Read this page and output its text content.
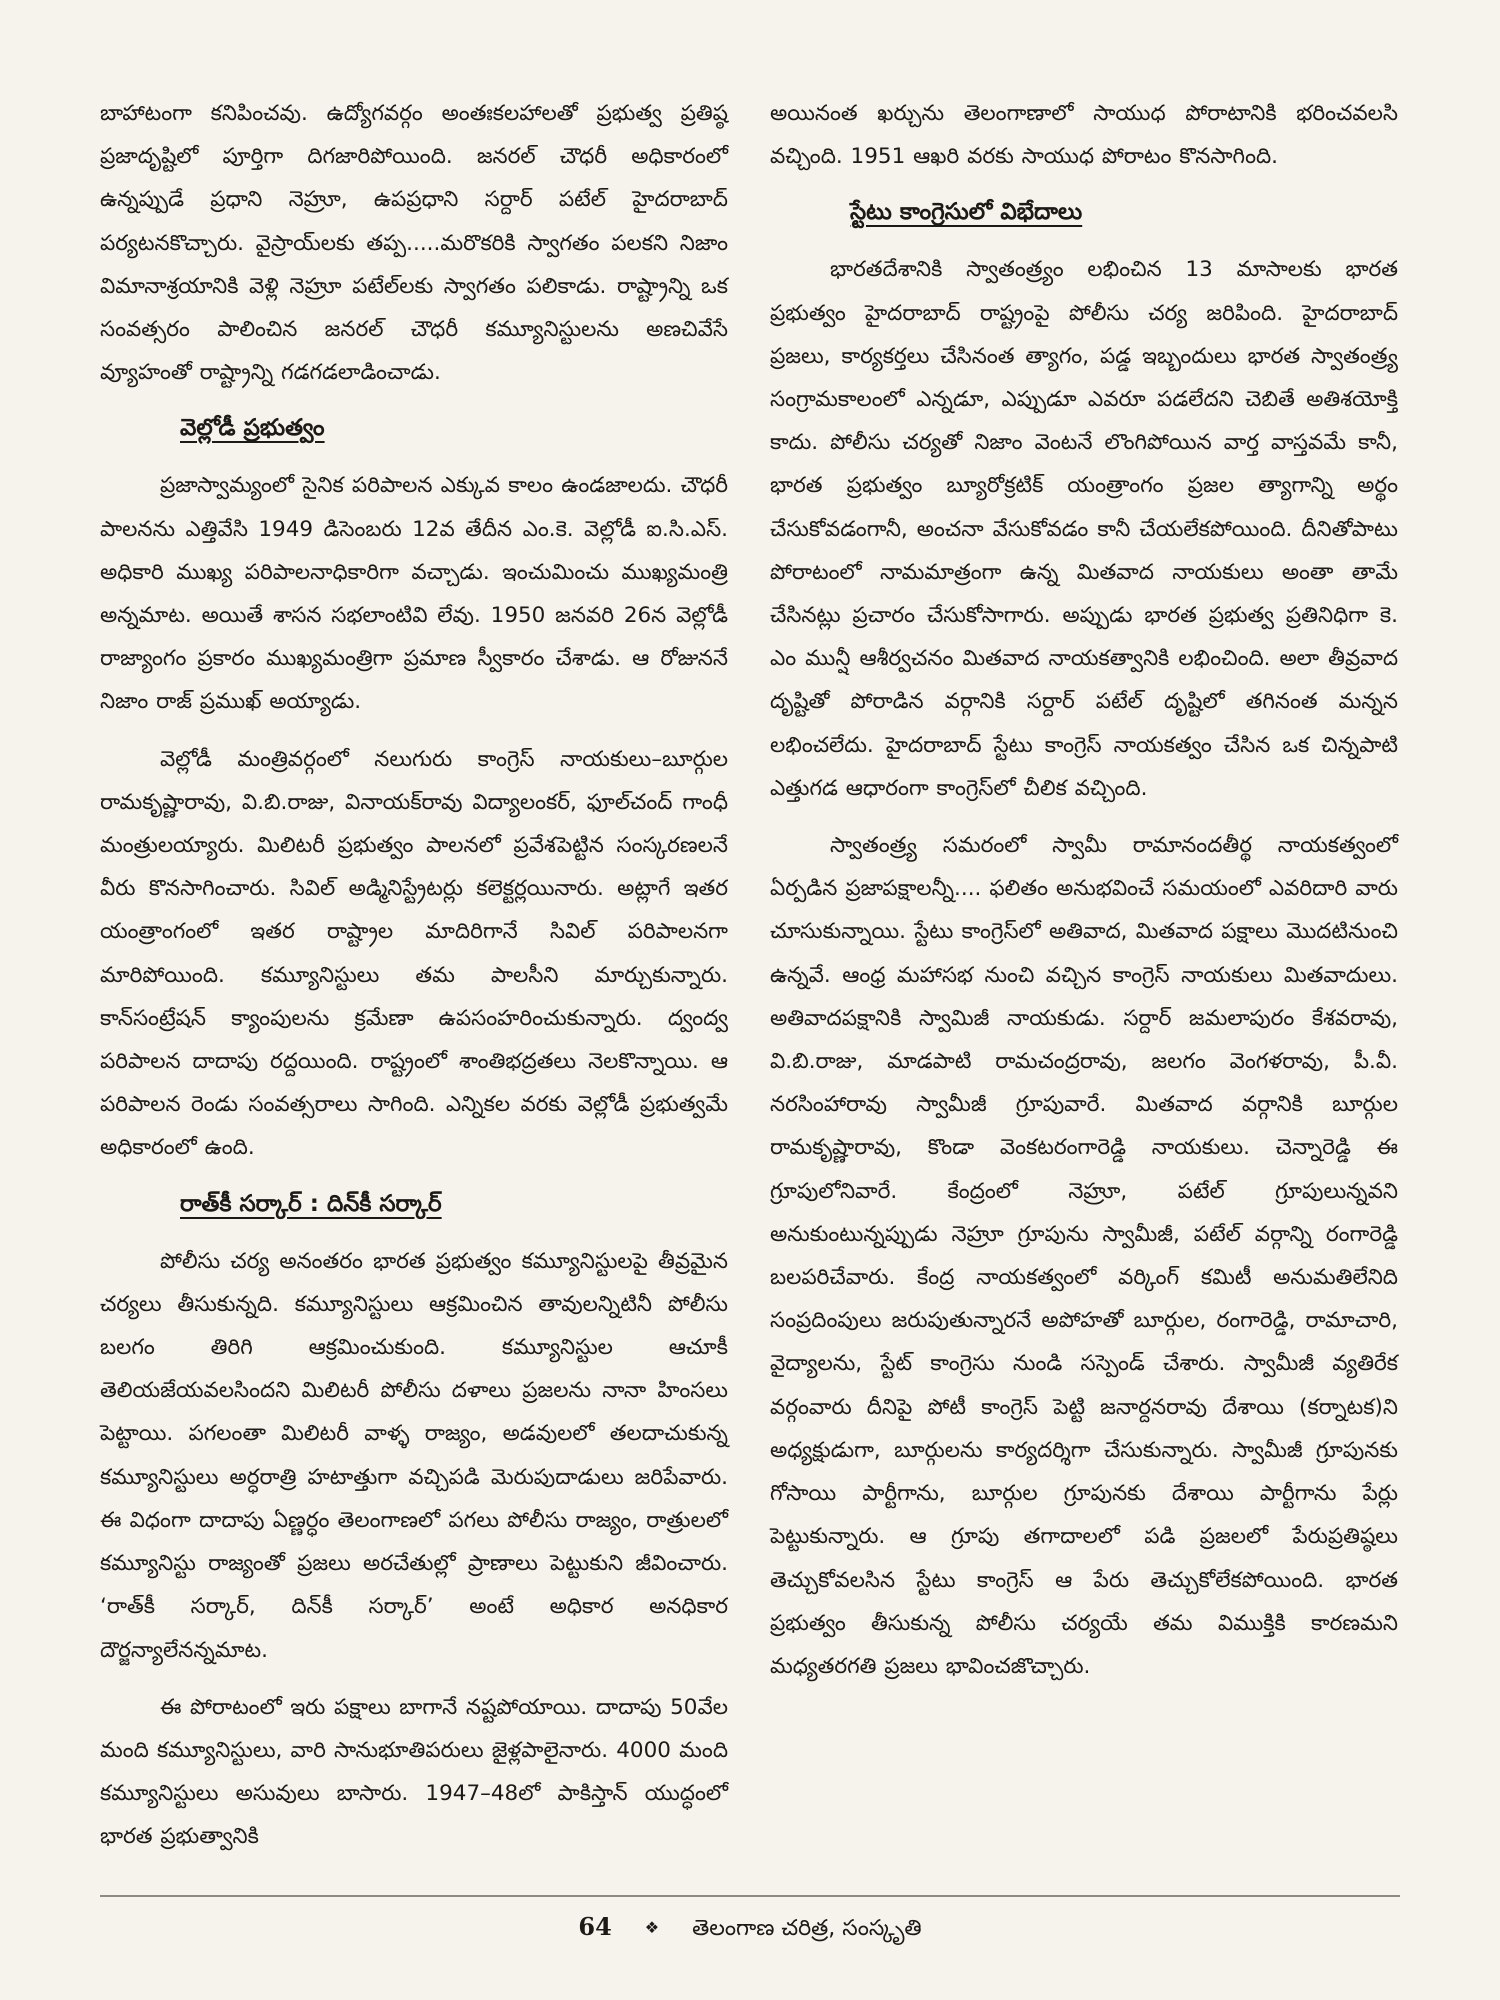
బాహాటంగా కనిపించవు. ఉద్యోగవర్గం అంతఃకలహాలతో ప్రభుత్వ ప్రతిష్ఠ ప్రజాదృష్టిలో పూర్తిగా దిగజారిపోయింది. జనరల్ చౌధరీ అధికారంలో ఉన్నప్పుడే ప్రధాని నెహ్రూ, ఉపప్రధాని సర్దార్ పటేల్ హైదరాబాద్ పర్యటనకొచ్చారు. వైస్రాయ్‌లకు తప్ప.....మరొకరికి స్వాగతం పలకని నిజాం విమానాశ్రయానికి వెళ్లి నెహ్రూ పటేల్‌లకు స్వాగతం పలికాడు. రాష్ట్రాన్ని ఒక సంవత్సరం పాలించిన జనరల్ చౌధరీ కమ్యూనిస్టులను అణచివేసే వ్యూహంతో రాష్ట్రాన్ని గడగడలాడించాడు.

వెల్లోడీ ప్రభుత్వం

ప్రజాస్వామ్యంలో సైనిక పరిపాలన ఎక్కువ కాలం ఉండజాలదు. చౌధరీ పాలనను ఎత్తివేసి 1949 డిసెంబరు 12వ తేదీన ఎం.కె. వెల్లోడీ ఐ.సి.ఎస్. అధికారి ముఖ్య పరిపాలనాధికారిగా వచ్చాడు. ఇంచుమించు ముఖ్యమంత్రి అన్నమాట. అయితే శాసన సభలాంటివి లేవు. 1950 జనవరి 26న వెల్లోడీ రాజ్యాంగం ప్రకారం ముఖ్యమంత్రిగా ప్రమాణ స్వీకారం చేశాడు. ఆ రోజుననే నిజాం రాజ్ ప్రముఖ్ అయ్యాడు.

వెల్లోడీ మంత్రివర్గంలో నలుగురు కాంగ్రెస్ నాయకులు–బూర్గుల రామకృష్ణారావు, వి.బి.రాజు, వినాయక్‌రావు విద్యాలంకర్, ఫూల్‌చంద్ గాంధీ మంత్రులయ్యారు. మిలిటరీ ప్రభుత్వం పాలనలో ప్రవేశపెట్టిన సంస్కరణలనే వీరు కొనసాగించారు. సివిల్ అడ్మినిస్ట్రేటర్లు కలెక్టర్లయినారు. అట్లాగే ఇతర యంత్రాంగంలో ఇతర రాష్ట్రాల మాదిరిగానే సివిల్ పరిపాలనగా మారిపోయింది. కమ్యూనిస్టులు తమ పాలసీని మార్చుకున్నారు. కాన్‌సంట్రేషన్ క్యాంపులను క్రమేణా ఉపసంహరించుకున్నారు. ద్వంద్వ పరిపాలన దాదాపు రద్దయింది. రాష్ట్రంలో శాంతిభద్రతలు నెలకొన్నాయి. ఆ పరిపాలన రెండు సంవత్సరాలు సాగింది. ఎన్నికల వరకు వెల్లోడీ ప్రభుత్వమే అధికారంలో ఉంది.

రాత్‌కీ సర్కార్ : దిన్‌కీ సర్కార్

పోలీసు చర్య అనంతరం భారత ప్రభుత్వం కమ్యూనిస్టులపై తీవ్రమైన చర్యలు తీసుకున్నది. కమ్యూనిస్టులు ఆక్రమించిన తావులన్నిటినీ పోలీసు బలగం తిరిగి ఆక్రమించుకుంది. కమ్యూనిస్టుల ఆచూకీ తెలియజేయవలసిందని మిలిటరీ పోలీసు దళాలు ప్రజలను నానా హింసలు పెట్టాయి. పగలంతా మిలిటరీ వాళ్ళ రాజ్యం, అడవులలో తలదాచుకున్న కమ్యూనిస్టులు అర్ధరాత్రి హటాత్తుగా వచ్చిపడి మెరుపుదాడులు జరిపేవారు. ఈ విధంగా దాదాపు ఏణ్ణర్ధం తెలంగాణలో పగలు పోలీసు రాజ్యం, రాత్రులలో కమ్యూనిస్టు రాజ్యంతో ప్రజలు అరచేతుల్లో ప్రాణాలు పెట్టుకుని జీవించారు. ‘రాత్‌కీ సర్కార్, దిన్‌కీ సర్కార్’ అంటే అధికార అనధికార దౌర్జన్యాలేనన్నమాట.

ఈ పోరాటంలో ఇరు పక్షాలు బాగానే నష్టపోయాయి. దాదాపు 50వేల మంది కమ్యూనిస్టులు, వారి సానుభూతిపరులు జైళ్లపాలైనారు. 4000 మంది కమ్యూనిస్టులు అసువులు బాసారు. 1947–48లో పాకిస్తాన్ యుద్ధంలో భారత ప్రభుత్వానికి

అయినంత ఖర్చును తెలంగాణాలో సాయుధ పోరాటానికి భరించవలసి వచ్చింది. 1951 ఆఖరి వరకు సాయుధ పోరాటం కొనసాగింది.

స్టేటు కాంగ్రెసులో విభేదాలు

భారతదేశానికి స్వాతంత్ర్యం లభించిన 13 మాసాలకు భారత ప్రభుత్వం హైదరాబాద్ రాష్ట్రంపై పోలీసు చర్య జరిపింది. హైదరాబాద్ ప్రజలు, కార్యకర్తలు చేసినంత త్యాగం, పడ్డ ఇబ్బందులు భారత స్వాతంత్ర్య సంగ్రామకాలంలో ఎన్నడూ, ఎప్పుడూ ఎవరూ పడలేదని చెబితే అతిశయోక్తి కాదు. పోలీసు చర్యతో నిజాం వెంటనే లొంగిపోయిన వార్త వాస్తవమే కానీ, భారత ప్రభుత్వం బ్యూరోక్రటిక్ యంత్రాంగం ప్రజల త్యాగాన్ని అర్థం చేసుకోవడంగానీ, అంచనా వేసుకోవడం కానీ చేయలేకపోయింది. దీనితోపాటు పోరాటంలో నామమాత్రంగా ఉన్న మితవాద నాయకులు అంతా తామే చేసినట్లు ప్రచారం చేసుకోసాగారు. అప్పుడు భారత ప్రభుత్వ ప్రతినిధిగా కె. ఎం మున్షీ ఆశీర్వచనం మితవాద నాయకత్వానికి లభించింది. అలా తీవ్రవాద దృష్టితో పోరాడిన వర్గానికి సర్దార్ పటేల్ దృష్టిలో తగినంత మన్నన లభించలేదు. హైదరాబాద్ స్టేటు కాంగ్రెస్ నాయకత్వం చేసిన ఒక చిన్నపాటి ఎత్తుగడ ఆధారంగా కాంగ్రెస్‌లో చీలిక వచ్చింది.

స్వాతంత్ర్య సమరంలో స్వామీ రామానందతీర్థ నాయకత్వంలో ఏర్పడిన ప్రజాపక్షాలన్నీ.... ఫలితం అనుభవించే సమయంలో ఎవరిదారి వారు చూసుకున్నాయి. స్టేటు కాంగ్రెస్‌లో అతివాద, మితవాద పక్షాలు మొదటినుంచి ఉన్నవే. ఆంధ్ర మహాసభ నుంచి వచ్చిన కాంగ్రెస్ నాయకులు మితవాదులు. అతివాదపక్షానికి స్వామిజీ నాయకుడు. సర్దార్ జమలాపురం కేశవరావు, వి.బి.రాజు, మాడపాటి రామచంద్రరావు, జలగం వెంగళరావు, పీ.వీ. నరసింహారావు స్వామీజీ గ్రూపువారే. మితవాద వర్గానికి బూర్గుల రామకృష్ణారావు, కొండా వెంకటరంగారెడ్డి నాయకులు. చెన్నారెడ్డి ఈ గ్రూపులోనివారే. కేంద్రంలో నెహ్రూ, పటేల్ గ్రూపులున్నవని అనుకుంటున్నప్పుడు నెహ్రూ గ్రూపును స్వామీజీ, పటేల్ వర్గాన్ని రంగారెడ్డి బలపరిచేవారు. కేంద్ర నాయకత్వంలో వర్కింగ్ కమిటీ అనుమతిలేనిది సంప్రదింపులు జరుపుతున్నారనే అపోహతో బూర్గుల, రంగారెడ్డి, రామాచారి, వైద్యాలను, స్టేట్ కాంగ్రెసు నుండి సస్పెండ్ చేశారు. స్వామీజీ వ్యతిరేక వర్గంవారు దీనిపై పోటీ కాంగ్రెస్ పెట్టి జనార్దనరావు దేశాయి (కర్నాటక)ని అధ్యక్షుడుగా, బూర్గులను కార్యదర్శిగా చేసుకున్నారు. స్వామీజీ గ్రూపునకు గోసాయి పార్టీగాను, బూర్గుల గ్రూపునకు దేశాయి పార్టీగాను పేర్లు పెట్టుకున్నారు. ఆ గ్రూపు తగాదాలలో పడి ప్రజలలో పేరుప్రతిష్ఠలు తెచ్చుకోవలసిన స్టేటు కాంగ్రెస్ ఆ పేరు తెచ్చుకోలేకపోయింది. భారత ప్రభుత్వం తీసుకున్న పోలీసు చర్యయే తమ విముక్తికి కారణమని మధ్యతరగతి ప్రజలు భావించజొచ్చారు.

64 ❖ తెలంగాణ చరిత్ర, సంస్కృతి
